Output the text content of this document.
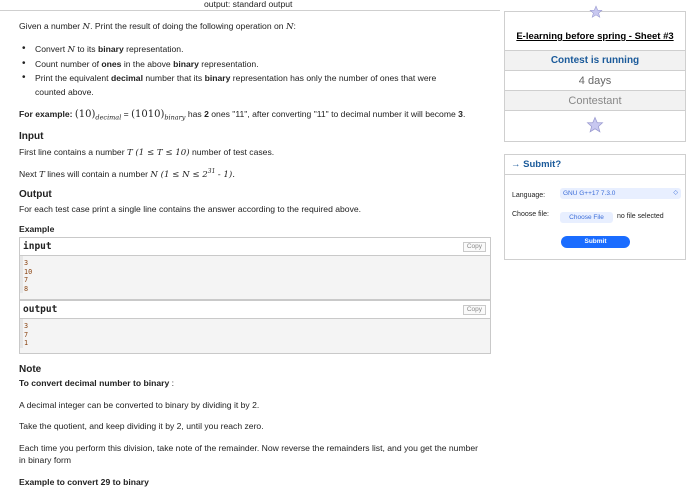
output: standard output

Given a number N. Print the result of doing the following operation on N:

• Convert N to its binary representation.
• Count number of ones in the above binary representation.
• Print the equivalent decimal number that its binary representation has only the number of ones that were
counted above.

For example: $(10)_{decimal} = (1010)_{binary}$ has 2 ones "11", after converting "11" to decimal number it will become 3.

Input

First line contains a number T (1 ≤ T ≤ 10) number of test cases.

Next T lines will contain a number N $(1 \le N \le 2^{31} - 1)$.

Output

For each test case print a single line contains the answer according to the required above.

Example
input	Copy
3
10
7
8
output	Copy
3
7
1
Note

To convert decimal number to binary :

A decimal integer can be converted to binary by dividing it by 2.

Take the quotient, and keep dividing it by 2, until you reach zero.

Each time you perform this division, take note of the remainder. Now reverse the remainders list, and you get the number in binary form

Example to convert 29 to binary

E-learning before spring - Sheet #3
Contest is running
4 days
Contestant
→ Submit?
Language:	GNU G++17 7.3.0	◇
Choose file:	Choose File	no file selected
Submit
